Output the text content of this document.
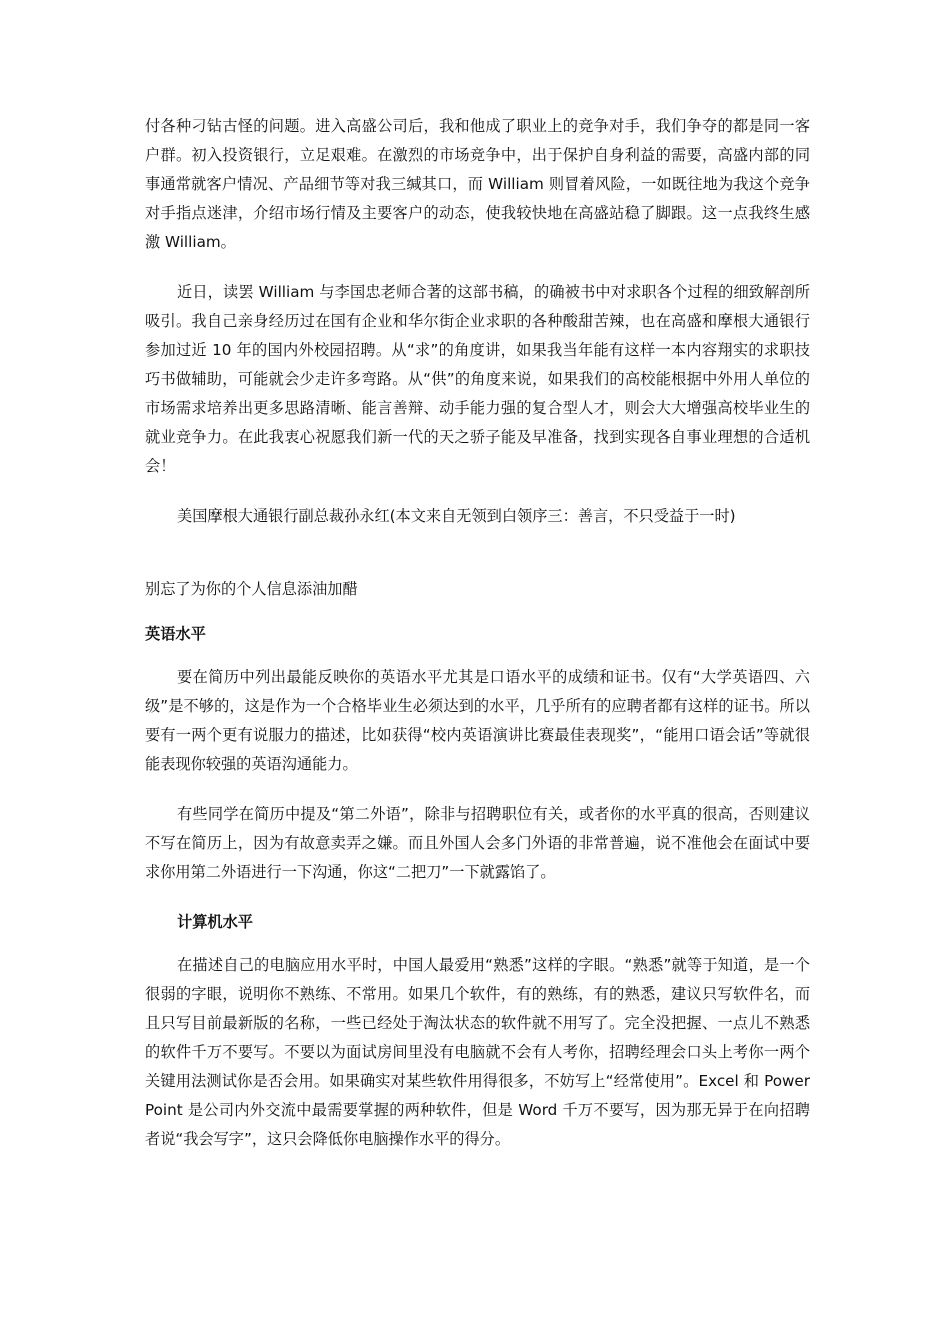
付各种刁钻古怪的问题。进入高盛公司后，我和他成了职业上的竞争对手，我们争夺的都是同一客户群。初入投资银行，立足艰难。在激烈的市场竞争中，出于保护自身利益的需要，高盛内部的同事通常就客户情况、产品细节等对我三缄其口，而 William 则冒着风险，一如既往地为我这个竞争对手指点迷津，介绍市场行情及主要客户的动态，使我较快地在高盛站稳了脚跟。这一点我终生感激 William。

近日，读罢 William 与李国忠老师合著的这部书稿，的确被书中对求职各个过程的细致解剖所吸引。我自己亲身经历过在国有企业和华尔街企业求职的各种酸甜苦辣，也在高盛和摩根大通银行参加过近 10 年的国内外校园招聘。从“求”的角度讲，如果我当年能有这样一本内容翔实的求职技巧书做辅助，可能就会少走许多弯路。从“供”的角度来说，如果我们的高校能根据中外用人单位的市场需求培养出更多思路清晰、能言善辩、动手能力强的复合型人才，则会大大增强高校毕业生的就业竞争力。在此我衷心祝愿我们新一代的天之骄子能及早准备，找到实现各自事业理想的合适机会！

美国摩根大通银行副总裁孙永红(本文来自无领到白领序三：善言，不只受益于一时)

别忘了为你的个人信息添油加醋

英语水平

要在简历中列出最能反映你的英语水平尤其是口语水平的成绩和证书。仅有“大学英语四、六级”是不够的，这是作为一个合格毕业生必须达到的水平，几乎所有的应聘者都有这样的证书。所以要有一两个更有说服力的描述，比如获得“校内英语演讲比赛最佳表现奖”，“能用口语会话”等就很能表现你较强的英语沟通能力。

有些同学在简历中提及“第二外语”，除非与招聘职位有关，或者你的水平真的很高，否则建议不写在简历上，因为有故意卖弄之嫌。而且外国人会多门外语的非常普遍，说不准他会在面试中要求你用第二外语进行一下沟通，你这“二把刀”一下就露馅了。

计算机水平

在描述自己的电脑应用水平时，中国人最爱用“熟悉”这样的字眼。“熟悉”就等于知道，是一个很弱的字眼，说明你不熟练、不常用。如果几个软件，有的熟练，有的熟悉，建议只写软件名，而且只写目前最新版的名称，一些已经处于淘汰状态的软件就不用写了。完全没把握、一点儿不熟悉的软件千万不要写。不要以为面试房间里没有电脑就不会有人考你，招聘经理会口头上考你一两个关键用法测试你是否会用。如果确实对某些软件用得很多，不妨写上“经常使用”。Excel 和 PowerPoint 是公司内外交流中最需要掌握的两种软件，但是 Word 千万不要写，因为那无异于在向招聘者说“我会写字”，这只会降低你电脑操作水平的得分。
